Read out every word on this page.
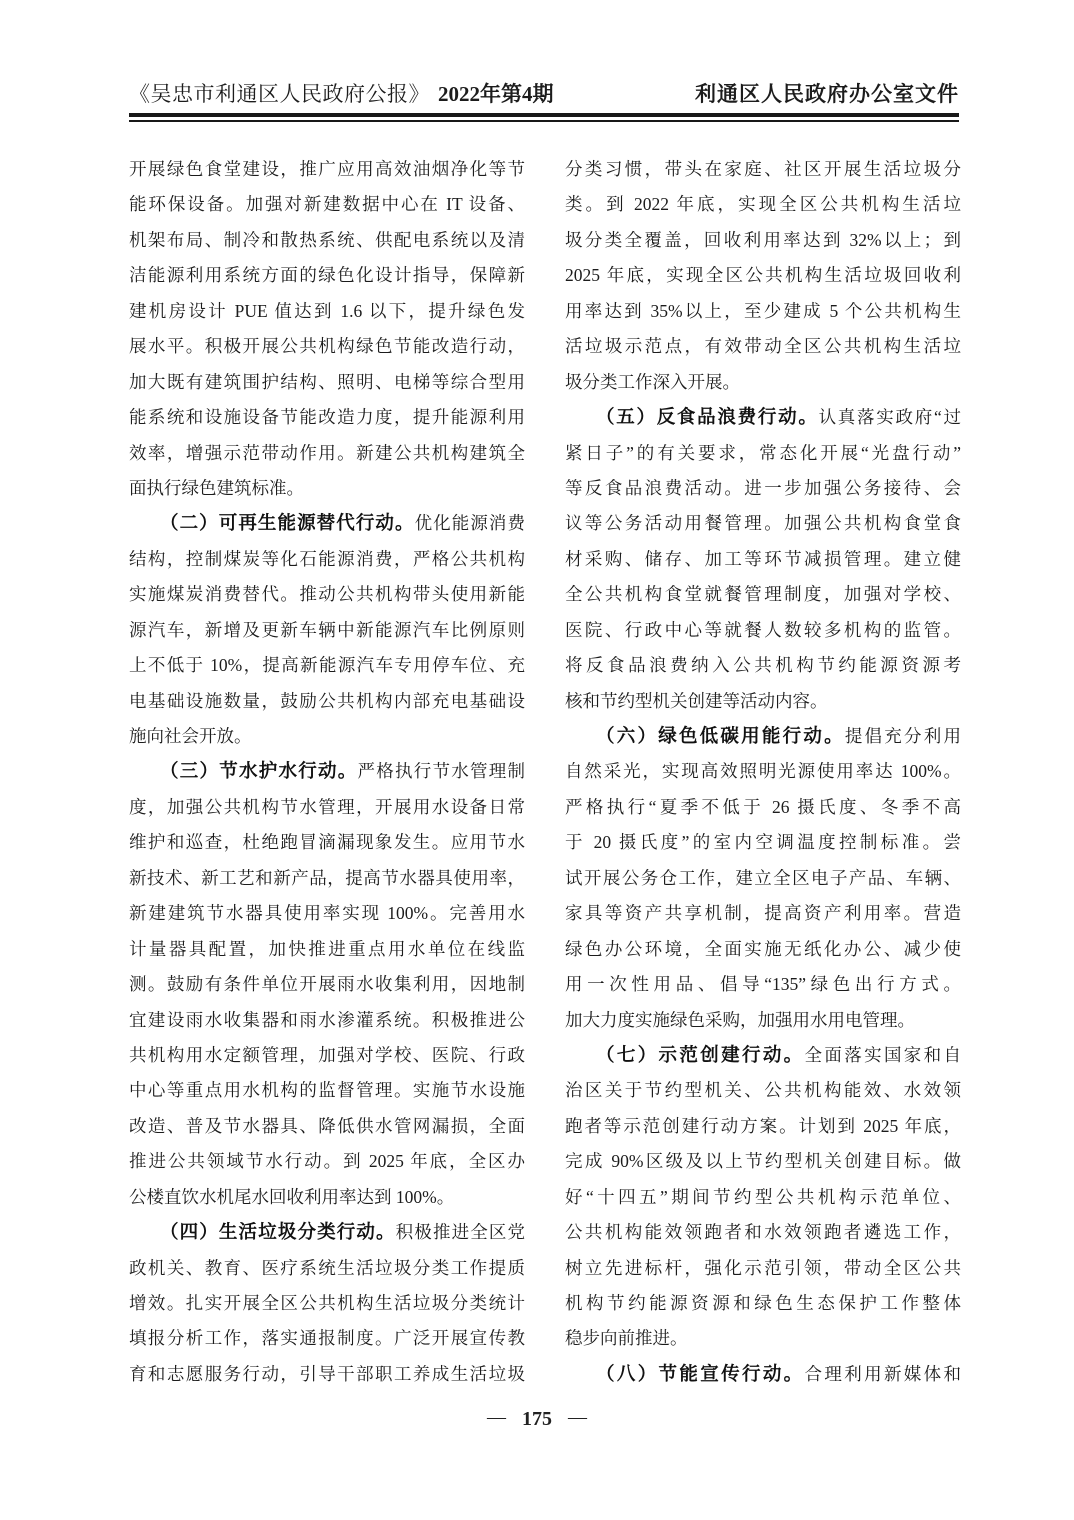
《吴忠市利通区人民政府公报》 2022年第4期	利通区人民政府办公室文件
开展绿色食堂建设，推广应用高效油烟净化等节
能环保设备。加强对新建数据中心在 IT 设备、
机架布局、制冷和散热系统、供配电系统以及清
洁能源利用系统方面的绿色化设计指导，保障新
建机房设计 PUE 值达到 1.6 以下，提升绿色发
展水平。积极开展公共机构绿色节能改造行动，
加大既有建筑围护结构、照明、电梯等综合型用
能系统和设施设备节能改造力度，提升能源利用
效率，增强示范带动作用。新建公共机构建筑全
面执行绿色建筑标准。
（二）可再生能源替代行动。优化能源消费
结构，控制煤炭等化石能源消费，严格公共机构
实施煤炭消费替代。推动公共机构带头使用新能
源汽车，新增及更新车辆中新能源汽车比例原则
上不低于 10%，提高新能源汽车专用停车位、充
电基础设施数量，鼓励公共机构内部充电基础设
施向社会开放。
（三）节水护水行动。严格执行节水管理制
度，加强公共机构节水管理，开展用水设备日常
维护和巡查，杜绝跑冒滴漏现象发生。应用节水
新技术、新工艺和新产品，提高节水器具使用率，
新建建筑节水器具使用率实现 100%。完善用水
计量器具配置，加快推进重点用水单位在线监
测。鼓励有条件单位开展雨水收集利用，因地制
宜建设雨水收集器和雨水渗灌系统。积极推进公
共机构用水定额管理，加强对学校、医院、行政
中心等重点用水机构的监督管理。实施节水设施
改造、普及节水器具、降低供水管网漏损，全面
推进公共领域节水行动。到 2025 年底，全区办
公楼直饮水机尾水回收利用率达到 100%。
（四）生活垃圾分类行动。积极推进全区党
政机关、教育、医疗系统生活垃圾分类工作提质
增效。扎实开展全区公共机构生活垃圾分类统计
填报分析工作，落实通报制度。广泛开展宣传教
育和志愿服务行动，引导干部职工养成生活垃圾
分类习惯，带头在家庭、社区开展生活垃圾分
类。到 2022 年底，实现全区公共机构生活垃
圾分类全覆盖，回收利用率达到 32%以上；到
2025 年底，实现全区公共机构生活垃圾回收利
用率达到 35%以上，至少建成 5 个公共机构生
活垃圾示范点，有效带动全区公共机构生活垃
圾分类工作深入开展。
（五）反食品浪费行动。认真落实政府“过
紧日子”的有关要求，常态化开展“光盘行动”
等反食品浪费活动。进一步加强公务接待、会
议等公务活动用餐管理。加强公共机构食堂食
材采购、储存、加工等环节减损管理。建立健
全公共机构食堂就餐管理制度，加强对学校、
医院、行政中心等就餐人数较多机构的监管。
将反食品浪费纳入公共机构节约能源资源考
核和节约型机关创建等活动内容。
（六）绿色低碳用能行动。提倡充分利用
自然采光，实现高效照明光源使用率达 100%。
严格执行“夏季不低于 26 摄氏度、冬季不高
于 20 摄氏度”的室内空调温度控制标准。尝
试开展公务仓工作，建立全区电子产品、车辆、
家具等资产共享机制，提高资产利用率。营造
绿色办公环境，全面实施无纸化办公、减少使
用一次性用品、倡导“135”绿色出行方式。
加大力度实施绿色采购，加强用水用电管理。
（七）示范创建行动。全面落实国家和自
治区关于节约型机关、公共机构能效、水效领
跑者等示范创建行动方案。计划到 2025 年底，
完成 90%区级及以上节约型机关创建目标。做
好“十四五”期间节约型公共机构示范单位、
公共机构能效领跑者和水效领跑者遴选工作，
树立先进标杆，强化示范引领，带动全区公共
机构节约能源资源和绿色生态保护工作整体
稳步向前推进。
（八）节能宣传行动。合理利用新媒体和
— 175 —
